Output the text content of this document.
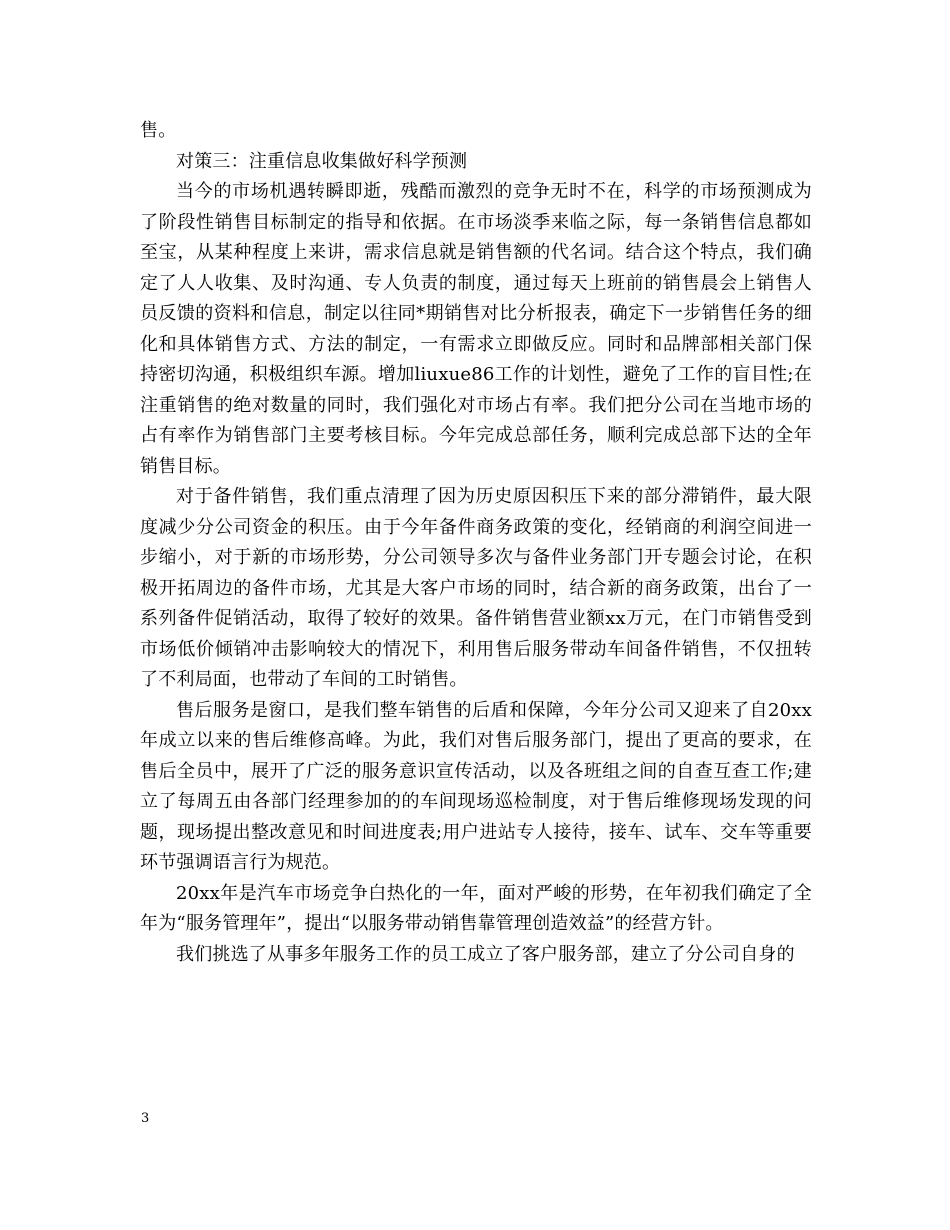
售。

对策三：注重信息收集做好科学预测

当今的市场机遇转瞬即逝，残酷而激烈的竞争无时不在，科学的市场预测成为了阶段性销售目标制定的指导和依据。在市场淡季来临之际，每一条销售信息都如至宝，从某种程度上来讲，需求信息就是销售额的代名词。结合这个特点，我们确定了人人收集、及时沟通、专人负责的制度，通过每天上班前的销售晨会上销售人员反馈的资料和信息，制定以往同*期销售对比分析报表，确定下一步销售任务的细化和具体销售方式、方法的制定，一有需求立即做反应。同时和品牌部相关部门保持密切沟通，积极组织车源。增加liuxue86工作的计划性，避免了工作的盲目性;在注重销售的绝对数量的同时，我们强化对市场占有率。我们把分公司在当地市场的占有率作为销售部门主要考核目标。今年完成总部任务，顺利完成总部下达的全年销售目标。

对于备件销售，我们重点清理了因为历史原因积压下来的部分滞销件，最大限度减少分公司资金的积压。由于今年备件商务政策的变化，经销商的利润空间进一步缩小，对于新的市场形势，分公司领导多次与备件业务部门开专题会讨论，在积极开拓周边的备件市场，尤其是大客户市场的同时，结合新的商务政策，出台了一系列备件促销活动，取得了较好的效果。备件销售营业额xx万元，在门市销售受到市场低价倾销冲击影响较大的情况下，利用售后服务带动车间备件销售，不仅扭转了不利局面，也带动了车间的工时销售。

售后服务是窗口，是我们整车销售的后盾和保障，今年分公司又迎来了自20xx年成立以来的售后维修高峰。为此，我们对售后服务部门，提出了更高的要求，在售后全员中，展开了广泛的服务意识宣传活动，以及各班组之间的自查互查工作;建立了每周五由各部门经理参加的的车间现场巡检制度，对于售后维修现场发现的问题，现场提出整改意见和时间进度表;用户进站专人接待，接车、试车、交车等重要环节强调语言行为规范。

20xx年是汽车市场竞争白热化的一年，面对严峻的形势，在年初我们确定了全年为“服务管理年”，提出“以服务带动销售靠管理创造效益”的经营方针。

我们挑选了从事多年服务工作的员工成立了客户服务部，建立了分公司自身的

3
